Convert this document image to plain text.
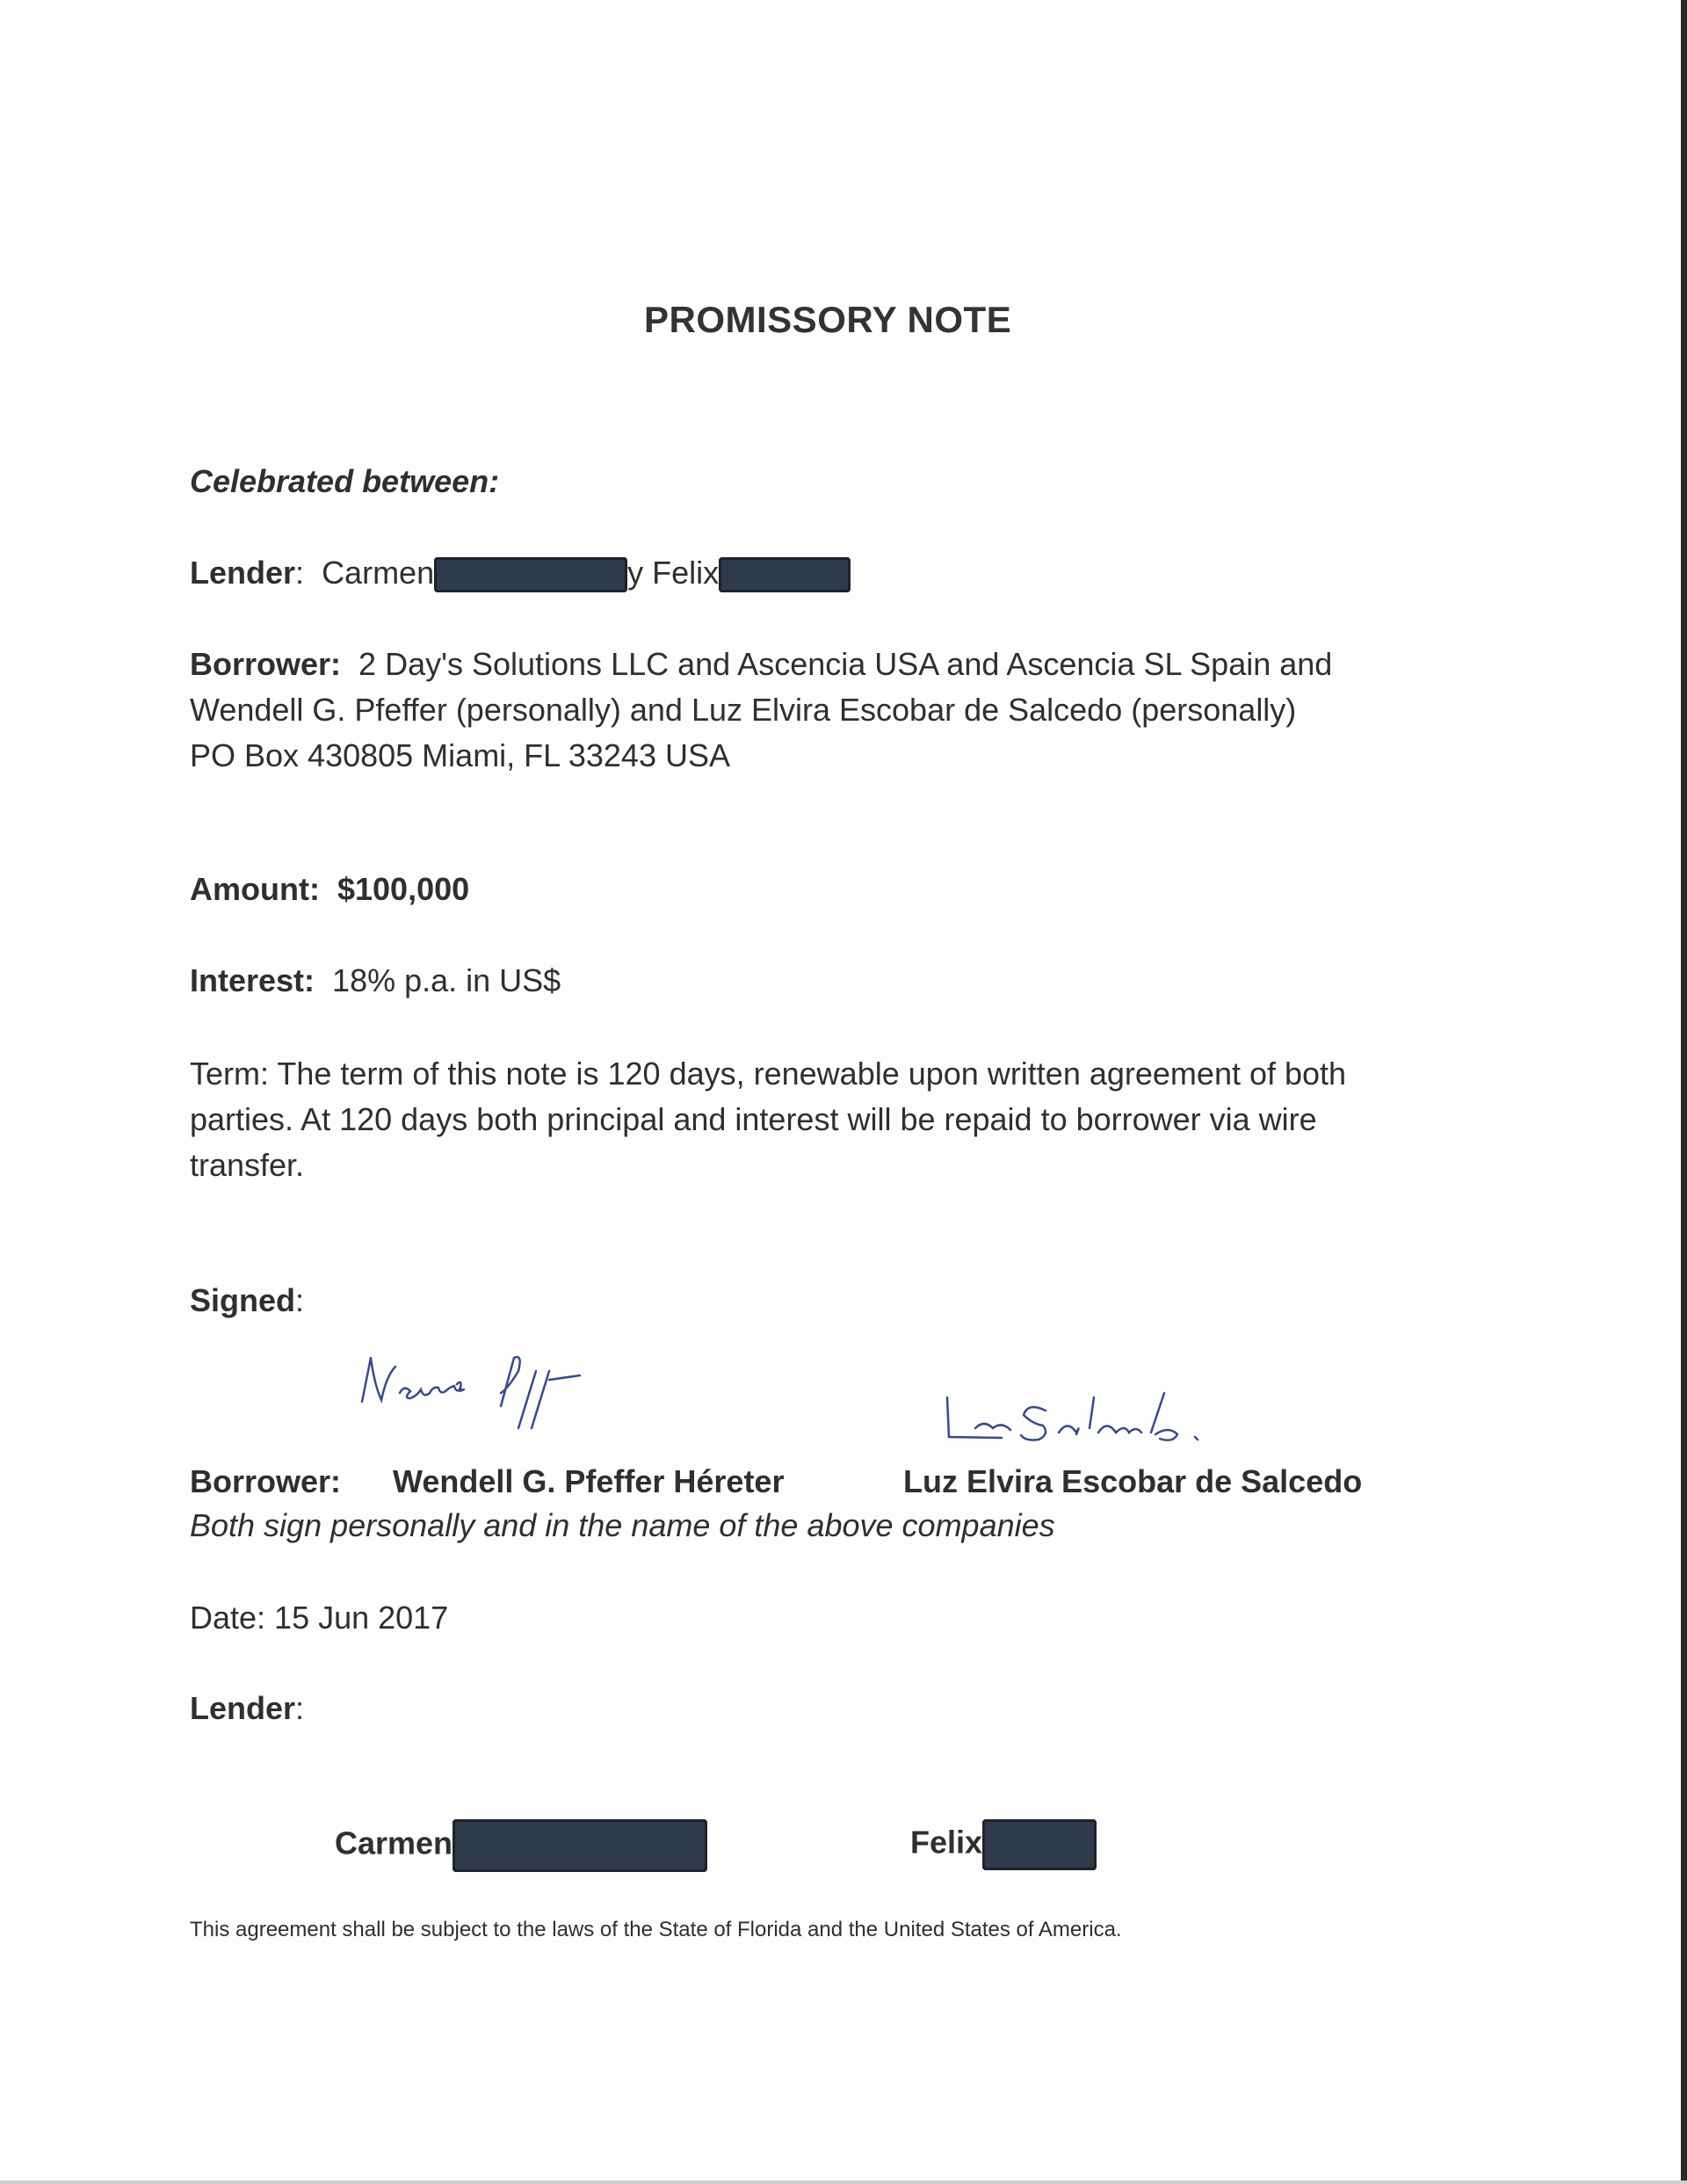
PROMISSORY NOTE
Celebrated between:
Lender: Carmen	y Felix
Borrower: 2 Day's Solutions LLC and Ascencia USA and Ascencia SL Spain and
Wendell G. Pfeffer (personally) and Luz Elvira Escobar de Salcedo (personally)
PO Box 430805 Miami, FL 33243 USA
Amount: $100,000
Interest: 18% p.a. in US$
Term: The term of this note is 120 days, renewable upon written agreement of both
parties. At 120 days both principal and interest will be repaid to borrower via wire
transfer.
Signed:
Borrower: Wendell G. Pfeffer Héreter	Luz Elvira Escobar de Salcedo
Both sign personally and in the name of the above companies
Date: 15 Jun 2017
Lender:
Carmen	Felix
This agreement shall be subject to the laws of the State of Florida and the United States of America.
